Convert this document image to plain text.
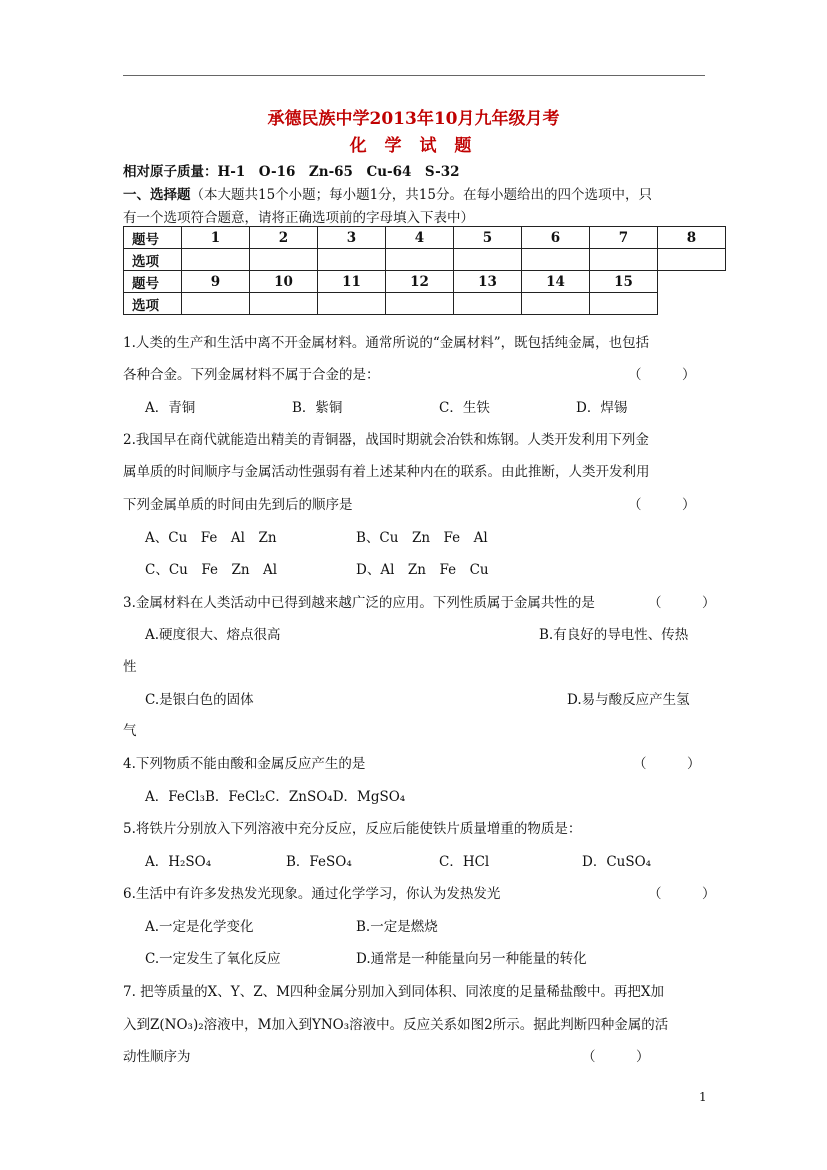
承德民族中学2013年10月九年级月考
化 学 试 题
相对原子质量：H-1　O-16　Zn-65　Cu-64　S-32
一、选择题（本大题共15个小题；每小题1分，共15分。在每小题给出的四个选项中，只
有一个选项符合题意，请将正确选项前的字母填入下表中）
题号	1	2	3	4	5	6	7	8
选项								
题号	9	10	11	12	13	14	15	
选项								
1.人类的生产和生活中离不开金属材料。通常所说的“金属材料”，既包括纯金属，也包括
各种合金。下列金属材料不属于合金的是：	（　　　）
A．青铜	B．紫铜	C．生铁	D．焊锡
2.我国早在商代就能造出精美的青铜器，战国时期就会冶铁和炼钢。人类开发利用下列金
属单质的时间顺序与金属活动性强弱有着上述某种内在的联系。由此推断，人类开发利用
下列金属单质的时间由先到后的顺序是	（　　　）
A、Cu　Fe　Al　Zn	B、Cu　Zn　Fe　Al
C、Cu　Fe　Zn　Al	D、Al　Zn　Fe　Cu
3.金属材料在人类活动中已得到越来越广泛的应用。下列性质属于金属共性的是	（　　　）
A.硬度很大、熔点很高	B.有良好的导电性、传热
性
C.是银白色的固体	D.易与酸反应产生氢
气
4.下列物质不能由酸和金属反应产生的是	（　　　）
A．FeCl₃B．FeCl₂C．ZnSO₄D．MgSO₄
5.将铁片分别放入下列溶液中充分反应，反应后能使铁片质量增重的物质是：
A．H₂SO₄	B．FeSO₄	C．HCl	D．CuSO₄
6.生活中有许多发热发光现象。通过化学学习，你认为发热发光	（　　　）
A.一定是化学变化	B.一定是燃烧
C.一定发生了氧化反应	D.通常是一种能量向另一种能量的转化
7. 把等质量的X、Y、Z、M四种金属分别加入到同体积、同浓度的足量稀盐酸中。再把X加
入到Z(NO₃)₂溶液中，M加入到YNO₃溶液中。反应关系如图2所示。据此判断四种金属的活
动性顺序为	（　　　）
1
